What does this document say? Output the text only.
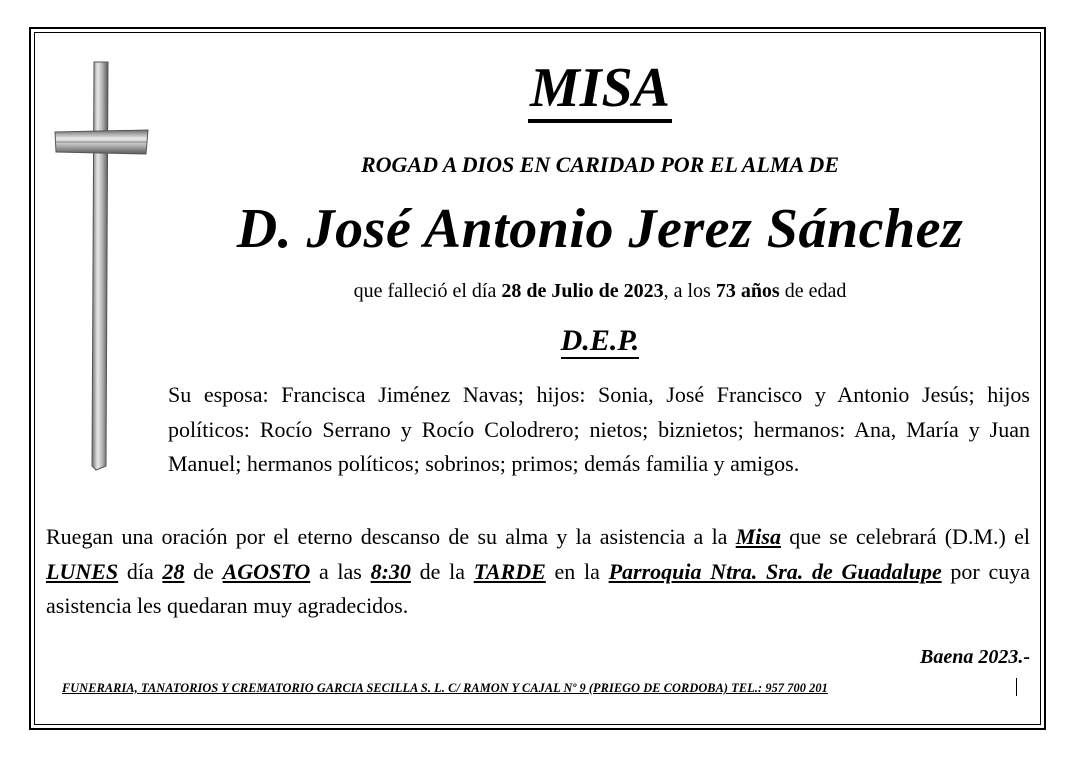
MISA
ROGAD A DIOS EN CARIDAD POR EL ALMA DE
D. José Antonio Jerez Sánchez
que falleció el día 28 de Julio de 2023, a los 73 años de edad
D.E.P.
Su esposa: Francisca Jiménez Navas; hijos: Sonia, José Francisco y Antonio Jesús; hijos políticos: Rocío Serrano y Rocío Colodrero; nietos; biznietos; hermanos: Ana, María y Juan Manuel; hermanos políticos; sobrinos; primos; demás familia y amigos.
Ruegan una oración por el eterno descanso de su alma y la asistencia a la Misa que se celebrará (D.M.) el LUNES día 28 de AGOSTO a las 8:30 de la TARDE en la Parroquia Ntra. Sra. de Guadalupe por cuya asistencia les quedaran muy agradecidos.
Baena 2023.-
FUNERARIA, TANATORIOS Y CREMATORIO GARCIA SECILLA S. L. C/ RAMON Y CAJAL Nº 9 (PRIEGO DE CORDOBA) TEL.: 957 700 201
